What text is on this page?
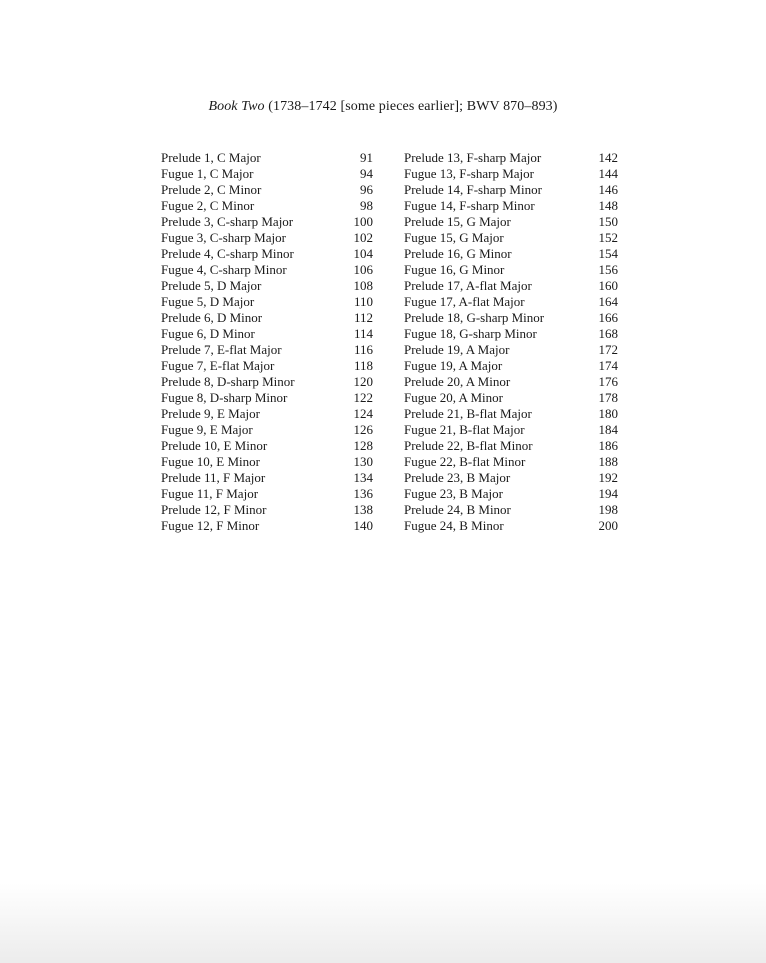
Book Two (1738–1742 [some pieces earlier]; BWV 870–893)
Prelude 1, C Major	91
Fugue 1, C Major	94
Prelude 2, C Minor	96
Fugue 2, C Minor	98
Prelude 3, C-sharp Major	100
Fugue 3, C-sharp Major	102
Prelude 4, C-sharp Minor	104
Fugue 4, C-sharp Minor	106
Prelude 5, D Major	108
Fugue 5, D Major	110
Prelude 6, D Minor	112
Fugue 6, D Minor	114
Prelude 7, E-flat Major	116
Fugue 7, E-flat Major	118
Prelude 8, D-sharp Minor	120
Fugue 8, D-sharp Minor	122
Prelude 9, E Major	124
Fugue 9, E Major	126
Prelude 10, E Minor	128
Fugue 10, E Minor	130
Prelude 11, F Major	134
Fugue 11, F Major	136
Prelude 12, F Minor	138
Fugue 12, F Minor	140
Prelude 13, F-sharp Major	142
Fugue 13, F-sharp Major	144
Prelude 14, F-sharp Minor	146
Fugue 14, F-sharp Minor	148
Prelude 15, G Major	150
Fugue 15, G Major	152
Prelude 16, G Minor	154
Fugue 16, G Minor	156
Prelude 17, A-flat Major	160
Fugue 17, A-flat Major	164
Prelude 18, G-sharp Minor	166
Fugue 18, G-sharp Minor	168
Prelude 19, A Major	172
Fugue 19, A Major	174
Prelude 20, A Minor	176
Fugue 20, A Minor	178
Prelude 21, B-flat Major	180
Fugue 21, B-flat Major	184
Prelude 22, B-flat Minor	186
Fugue 22, B-flat Minor	188
Prelude 23, B Major	192
Fugue 23, B Major	194
Prelude 24, B Minor	198
Fugue 24, B Minor	200
